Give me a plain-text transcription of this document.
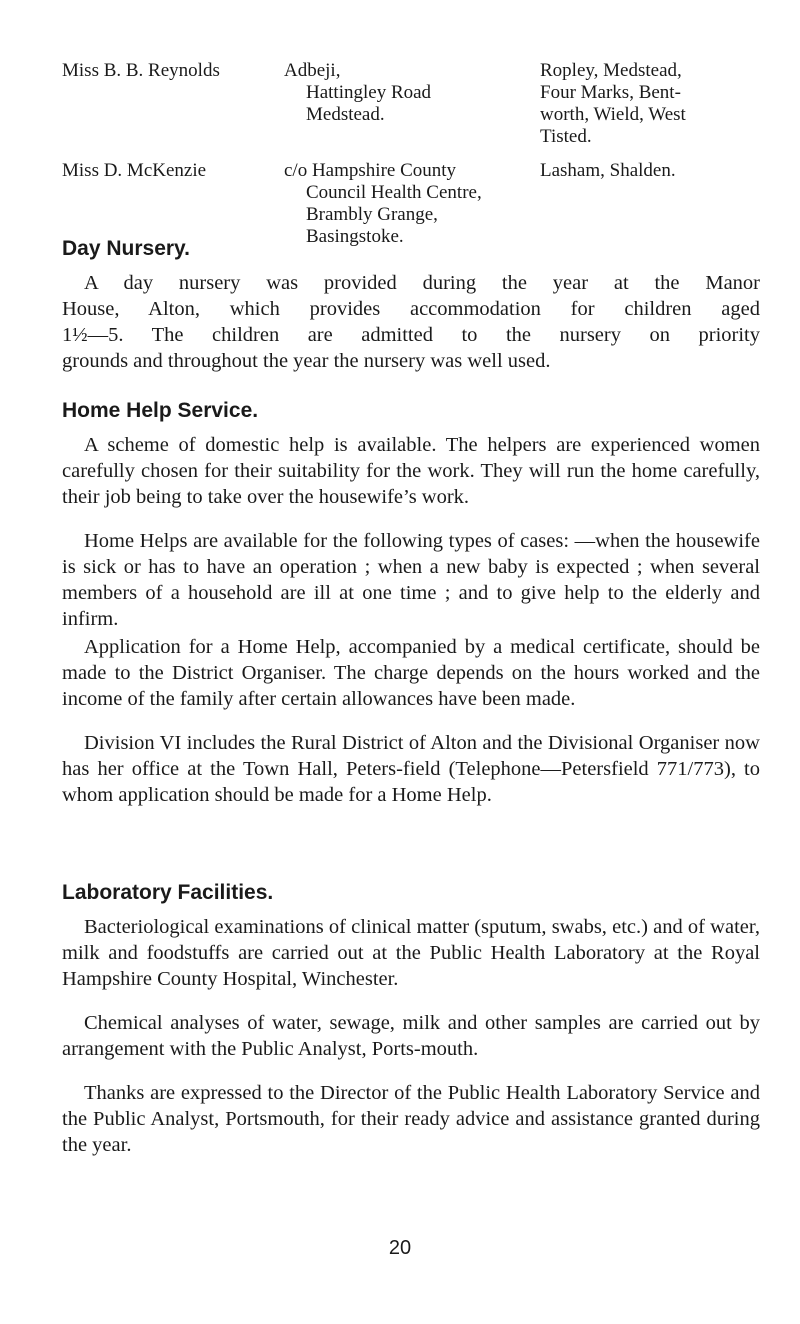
Miss B. B. Reynolds	Adbeji,
Hattingley Road
Medstead.
Ropley, Medstead,
Four Marks, Bent-
worth, Wield, West
Tisted.
Miss D. McKenzie	c/o Hampshire County
Council Health Centre,
Brambly Grange,
Basingstoke.
Lasham, Shalden.
Day Nursery.
A day nursery was provided during the year at the Manor
House, Alton, which provides accommodation for children aged
1½—5. The children are admitted to the nursery on priority
grounds and throughout the year the nursery was well used.
Home Help Service.

A scheme of domestic help is available. The helpers are experienced women carefully chosen for their suitability for the work. They will run the home carefully, their job being to take over the housewife’s work.

Home Helps are available for the following types of cases: —when the housewife is sick or has to have an operation ; when a new baby is expected ; when several members of a household are ill at one time ; and to give help to the elderly and infirm.

Application for a Home Help, accompanied by a medical certificate, should be made to the District Organiser. The charge depends on the hours worked and the income of the family after certain allowances have been made.

Division VI includes the Rural District of Alton and the Divisional Organiser now has her office at the Town Hall, Peters-field (Telephone—Petersfield 771/773), to whom application should be made for a Home Help.

Laboratory Facilities.

Bacteriological examinations of clinical matter (sputum, swabs, etc.) and of water, milk and foodstuffs are carried out at the Public Health Laboratory at the Royal Hampshire County Hospital, Winchester.

Chemical analyses of water, sewage, milk and other samples are carried out by arrangement with the Public Analyst, Ports-mouth.

Thanks are expressed to the Director of the Public Health Laboratory Service and the Public Analyst, Portsmouth, for their ready advice and assistance granted during the year.

20
